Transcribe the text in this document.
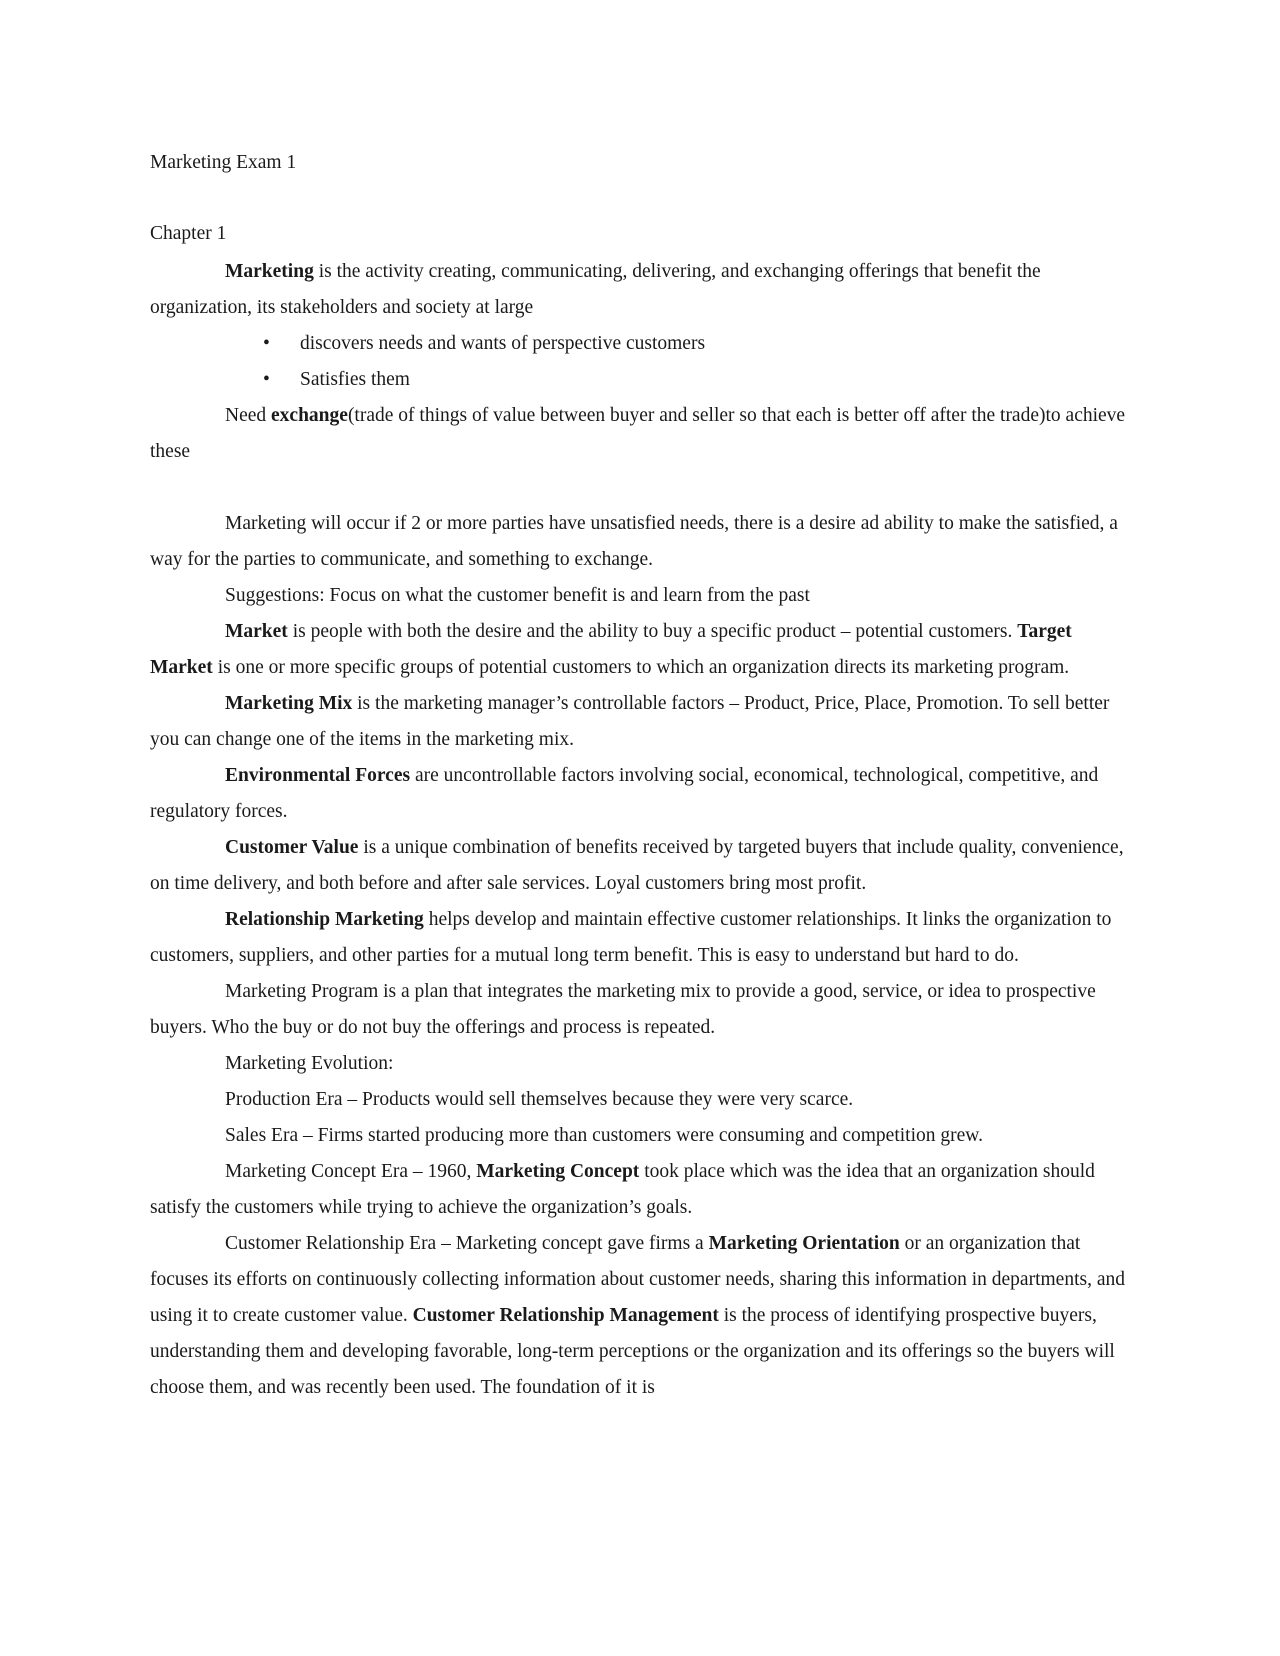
Marketing Exam 1
Chapter 1

Marketing is the activity creating, communicating, delivering, and exchanging offerings that benefit the organization, its stakeholders and society at large

• discovers needs and wants of perspective customers

• Satisfies them

Need exchange(trade of things of value between buyer and seller so that each is better off after the trade)to achieve these

Marketing will occur if 2 or more parties have unsatisfied needs, there is a desire ad ability to make the satisfied, a way for the parties to communicate, and something to exchange.

Suggestions: Focus on what the customer benefit is and learn from the past

Market is people with both the desire and the ability to buy a specific product – potential customers. Target Market is one or more specific groups of potential customers to which an organization directs its marketing program.

Marketing Mix is the marketing manager’s controllable factors – Product, Price, Place, Promotion. To sell better you can change one of the items in the marketing mix.

Environmental Forces are uncontrollable factors involving social, economical, technological, competitive, and regulatory forces.

Customer Value is a unique combination of benefits received by targeted buyers that include quality, convenience, on time delivery, and both before and after sale services. Loyal customers bring most profit.

Relationship Marketing helps develop and maintain effective customer relationships. It links the organization to customers, suppliers, and other parties for a mutual long term benefit. This is easy to understand but hard to do.

Marketing Program is a plan that integrates the marketing mix to provide a good, service, or idea to prospective buyers. Who the buy or do not buy the offerings and process is repeated.

Marketing Evolution:

Production Era – Products would sell themselves because they were very scarce.

Sales Era – Firms started producing more than customers were consuming and competition grew.

Marketing Concept Era – 1960, Marketing Concept took place which was the idea that an organization should satisfy the customers while trying to achieve the organization’s goals.

Customer Relationship Era – Marketing concept gave firms a Marketing Orientation or an organization that focuses its efforts on continuously collecting information about customer needs, sharing this information in departments, and using it to create customer value. Customer Relationship Management is the process of identifying prospective buyers, understanding them and developing favorable, long-term perceptions or the organization and its offerings so the buyers will choose them, and was recently been used. The foundation of it is
